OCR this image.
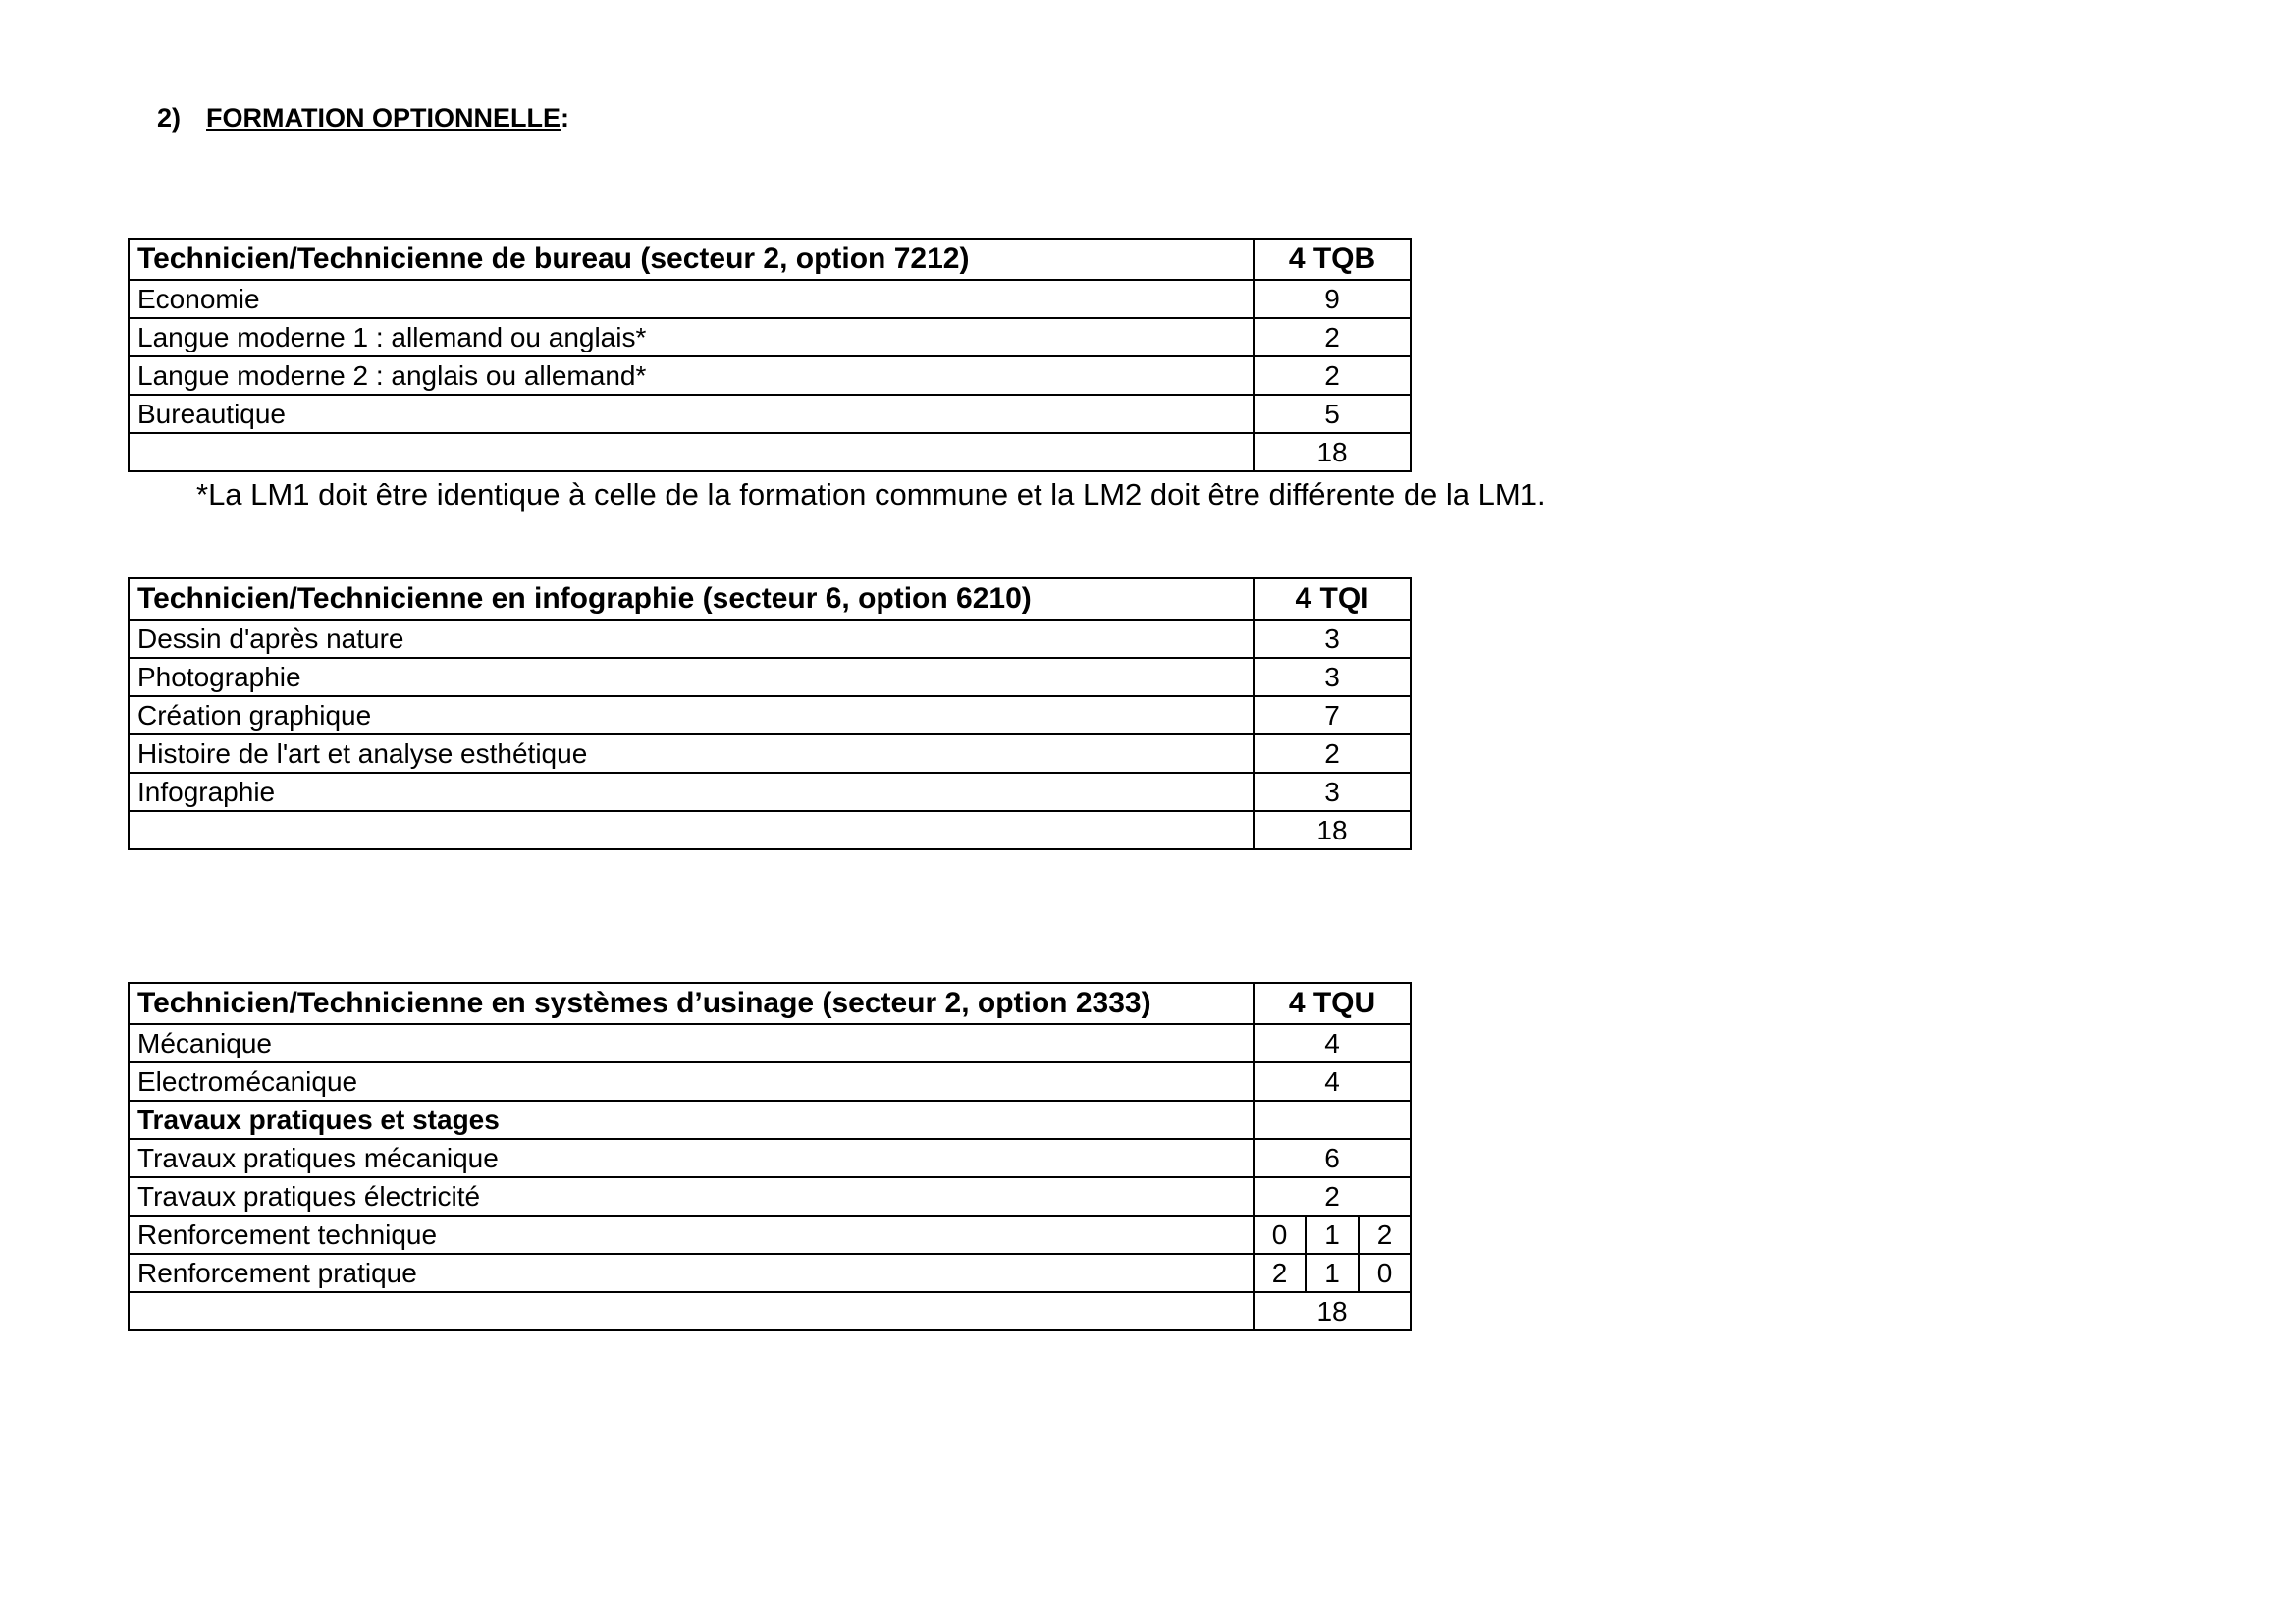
2) FORMATION OPTIONNELLE:
Technicien/Technicienne de bureau (secteur 2, option 7212)	4 TQB
Economie	9
Langue moderne 1 : allemand ou anglais*	2
Langue moderne 2 : anglais ou allemand*	2
Bureautique	5
	18
*La LM1 doit être identique à celle de la formation commune et la LM2 doit être différente de la LM1.
Technicien/Technicienne en infographie (secteur 6, option 6210)	4 TQI
Dessin d'après nature	3
Photographie	3
Création graphique	7
Histoire de l'art et analyse esthétique	2
Infographie	3
	18
Technicien/Technicienne en systèmes d’usinage (secteur 2, option 2333)	4 TQU		
Mécanique	4		
Electromécanique	4		
Travaux pratiques et stages			
Travaux pratiques mécanique	6		
Travaux pratiques électricité	2		
Renforcement technique	0	1	2
Renforcement pratique	2	1	0
	18		
